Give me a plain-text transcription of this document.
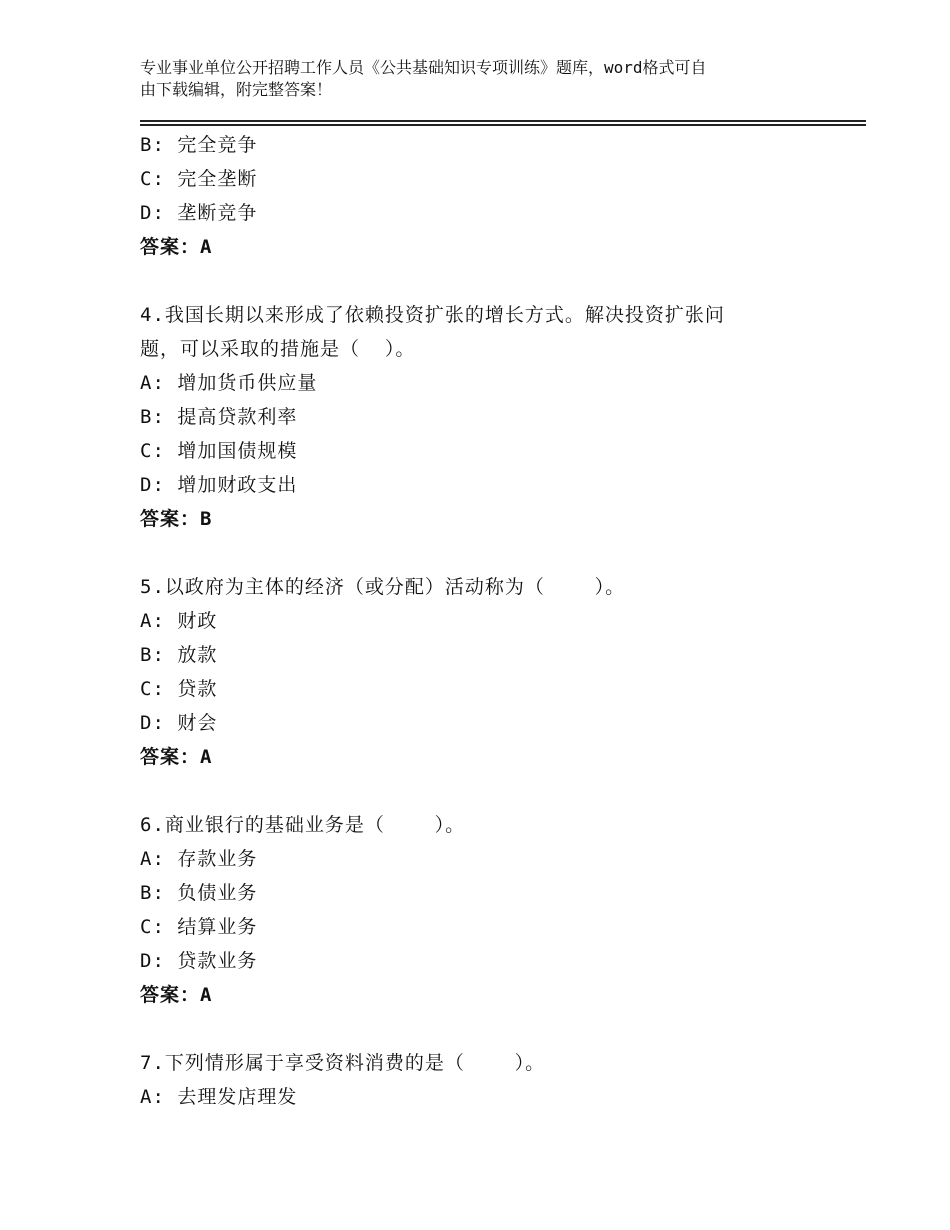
专业事业单位公开招聘工作人员《公共基础知识专项训练》题库，word格式可自
由下载编辑，附完整答案！
B: 完全竞争
C: 完全垄断
D: 垄断竞争
答案：A
4.我国长期以来形成了依赖投资扩张的增长方式。解决投资扩张问
题，可以采取的措施是（  ）。
A: 增加货币供应量
B: 提高贷款利率
C: 增加国债规模
D: 增加财政支出
答案：B
5.以政府为主体的经济（或分配）活动称为（    ）。
A: 财政
B: 放款
C: 贷款
D: 财会
答案：A
6.商业银行的基础业务是（    ）。
A: 存款业务
B: 负债业务
C: 结算业务
D: 贷款业务
答案：A
7.下列情形属于享受资料消费的是（    ）。
A: 去理发店理发
